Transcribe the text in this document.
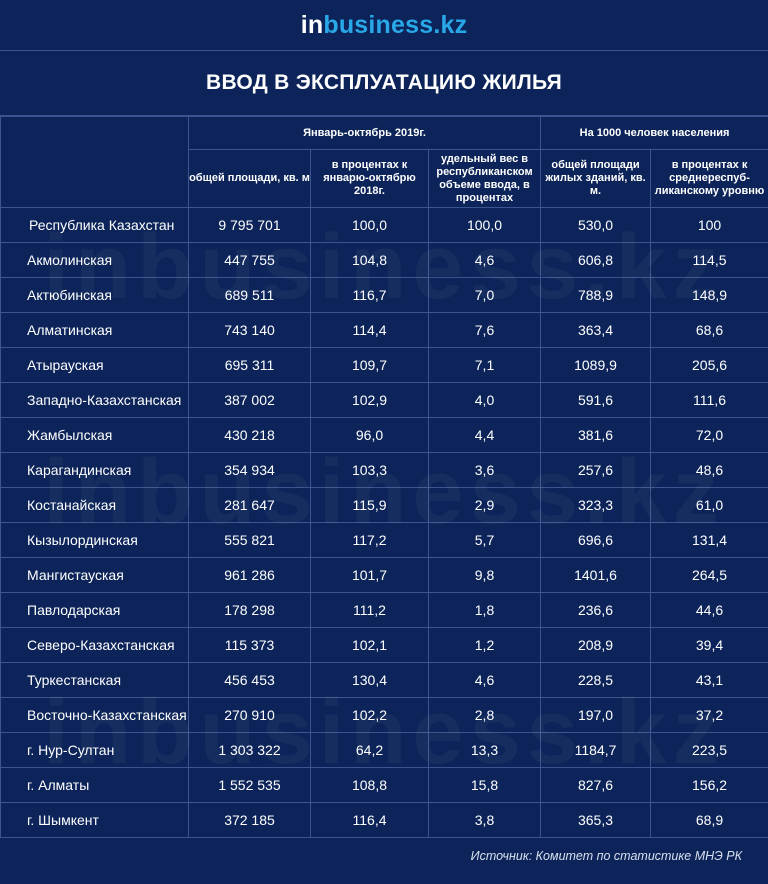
inbusiness.kz
ВВОД В ЭКСПЛУАТАЦИЮ ЖИЛЬЯ
	Январь-октябрь 2019г.			На 1000 человек населения	
	общей площади, кв. м	в процентах к январю-октябрю 2018г.	удельный вес в республиканском объеме ввода, в процентах	общей площади жилых зданий, кв. м.	в процентах к среднереспуб-ликанскому уровню
Республика Казахстан	9 795 701	100,0	100,0	530,0	100
Акмолинская	447 755	104,8	4,6	606,8	114,5
Актюбинская	689 511	116,7	7,0	788,9	148,9
Алматинская	743 140	114,4	7,6	363,4	68,6
Атырауская	695 311	109,7	7,1	1089,9	205,6
Западно-Казахстанская	387 002	102,9	4,0	591,6	111,6
Жамбылская	430 218	96,0	4,4	381,6	72,0
Карагандинская	354 934	103,3	3,6	257,6	48,6
Костанайская	281 647	115,9	2,9	323,3	61,0
Кызылординская	555 821	117,2	5,7	696,6	131,4
Мангистауская	961 286	101,7	9,8	1401,6	264,5
Павлодарская	178 298	111,2	1,8	236,6	44,6
Северо-Казахстанская	115 373	102,1	1,2	208,9	39,4
Туркестанская	456 453	130,4	4,6	228,5	43,1
Восточно-Казахстанская	270 910	102,2	2,8	197,0	37,2
г. Нур-Султан	1 303 322	64,2	13,3	1184,7	223,5
г. Алматы	1 552 535	108,8	15,8	827,6	156,2
г. Шымкент	372 185	116,4	3,8	365,3	68,9
Источник: Комитет по статистике МНЭ РК
